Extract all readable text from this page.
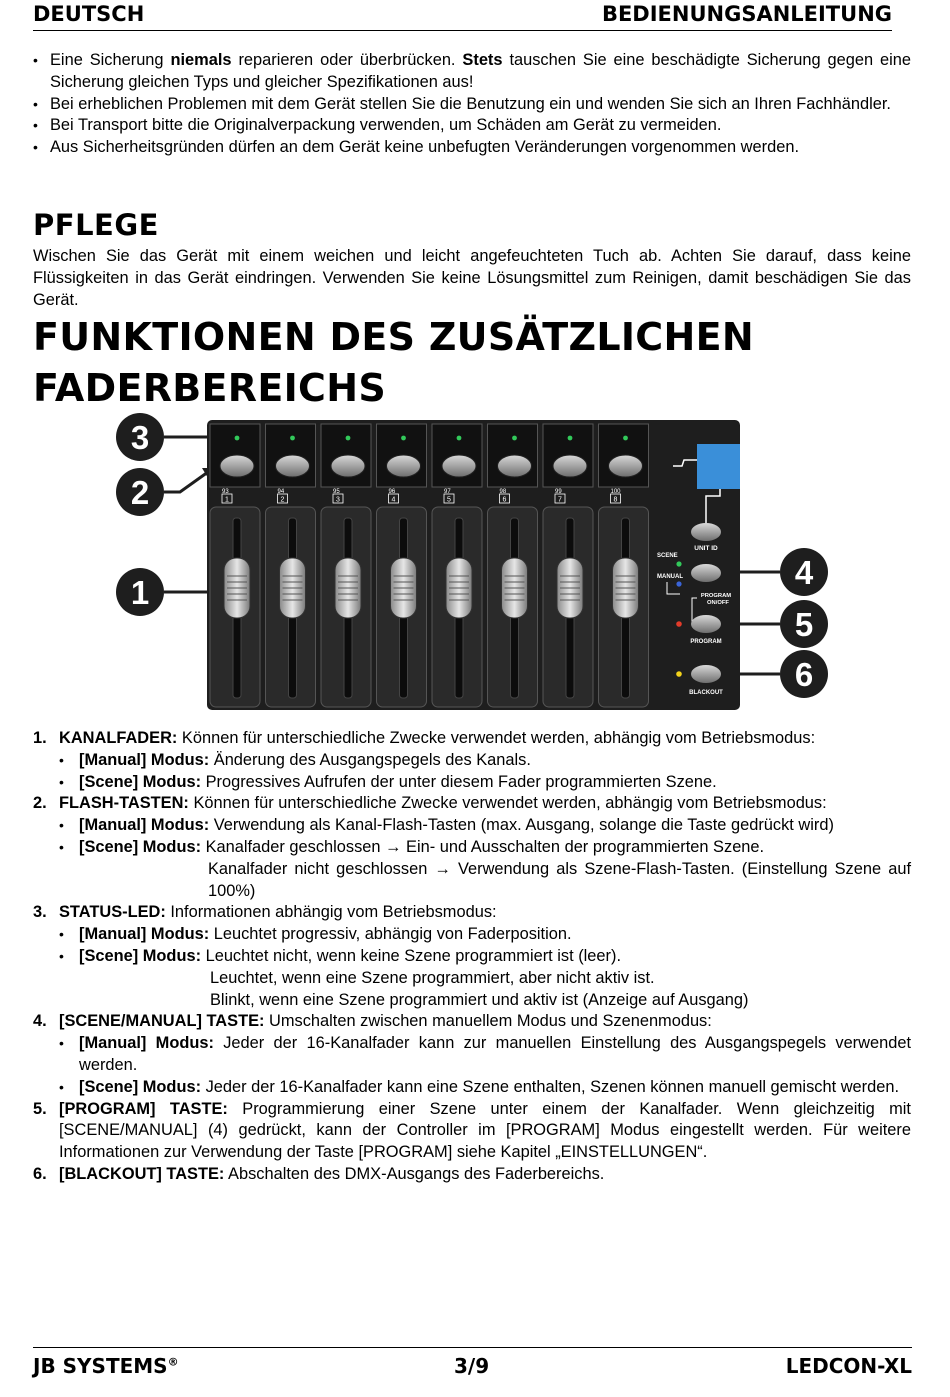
DEUTSCH	BEDIENUNGSANLEITUNG
• Eine Sicherung niemals reparieren oder überbrücken. Stets tauschen Sie eine beschädigte Sicherung gegen eine Sicherung gleichen Typs und gleicher Spezifikationen aus!
• Bei erheblichen Problemen mit dem Gerät stellen Sie die Benutzung ein und wenden Sie sich an Ihren Fachhändler.
• Bei Transport bitte die Originalverpackung verwenden, um Schäden am Gerät zu vermeiden.
• Aus Sicherheitsgründen dürfen an dem Gerät keine unbefugten Veränderungen vorgenommen werden.
PFLEGE
Wischen Sie das Gerät mit einem weichen und leicht angefeuchteten Tuch ab. Achten Sie darauf, dass keine Flüssigkeiten in das Gerät eindringen. Verwenden Sie keine Lösungsmittel zum Reinigen, damit beschädigen Sie das Gerät.
FUNKTIONEN DES ZUSÄTZLICHEN
FADERBEREICHS
3
2
1
4
5
6
93
1
94
2
95
3
96
4
97
5
98
6
99
7
100
8
UNIT ID
SCENE
MANUAL
PROGRAM
ON/OFF
PROGRAM
BLACKOUT
1. KANALFADER: Können für unterschiedliche Zwecke verwendet werden, abhängig vom Betriebsmodus:
• [Manual] Modus: Änderung des Ausgangspegels des Kanals.
• [Scene] Modus: Progressives Aufrufen der unter diesem Fader programmierten Szene.
2. FLASH-TASTEN: Können für unterschiedliche Zwecke verwendet werden, abhängig vom Betriebsmodus:
• [Manual] Modus: Verwendung als Kanal-Flash-Tasten (max. Ausgang, solange die Taste gedrückt wird)
• [Scene] Modus: Kanalfader geschlossen → Ein- und Ausschalten der programmierten Szene.
Kanalfader nicht geschlossen → Verwendung als Szene-Flash-Tasten. (Einstellung Szene auf 100%)
3. STATUS-LED: Informationen abhängig vom Betriebsmodus:
• [Manual] Modus: Leuchtet progressiv, abhängig von Faderposition.
• [Scene] Modus: Leuchtet nicht, wenn keine Szene programmiert ist (leer).
Leuchtet, wenn eine Szene programmiert, aber nicht aktiv ist.
Blinkt, wenn eine Szene programmiert und aktiv ist (Anzeige auf Ausgang)
4. [SCENE/MANUAL] TASTE: Umschalten zwischen manuellem Modus und Szenenmodus:
• [Manual] Modus: Jeder der 16-Kanalfader kann zur manuellen Einstellung des Ausgangspegels verwendet werden.
• [Scene] Modus: Jeder der 16-Kanalfader kann eine Szene enthalten, Szenen können manuell gemischt werden.
5. [PROGRAM] TASTE: Programmierung einer Szene unter einem der Kanalfader. Wenn gleichzeitig mit [SCENE/MANUAL] (4) gedrückt, kann der Controller im [PROGRAM] Modus eingestellt werden. Für weitere Informationen zur Verwendung der Taste [PROGRAM] siehe Kapitel „EINSTELLUNGEN“.
6. [BLACKOUT] TASTE: Abschalten des DMX-Ausgangs des Faderbereichs.
JB SYSTEMS®	3/9	LEDCON-XL
